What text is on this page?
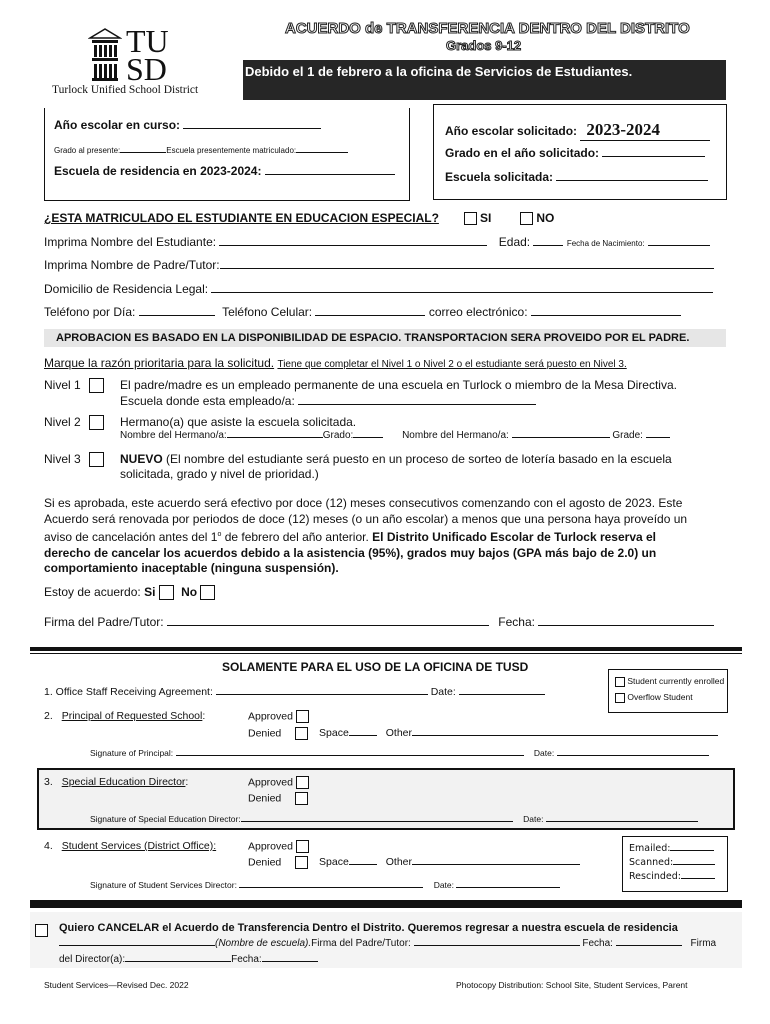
TU
SD
Turlock Unified School District
ACUERDO de TRANSFERENCIA DENTRO DEL DISTRITO
Grados 9-12
Debido el 1 de febrero a la oficina de Servicios de Estudiantes.
Año escolar en curso:
Grado al presente:	Escuela presentemente matriculado:
Escuela de residencia en 2023-2024:
Año escolar solicitado: 2023-2024
Grado en el año solicitado:
Escuela solicitada:
¿ESTA MATRICULADO EL ESTUDIANTE EN EDUCACION ESPECIAL?	SI	NO
Imprima Nombre del Estudiante:	Edad:	Fecha de Nacimiento:
Imprima Nombre de Padre/Tutor:
Domicilio de Residencia Legal:
Teléfono por Día:	Teléfono Celular:	correo electrónico:
APROBACION ES BASADO EN LA DISPONIBILIDAD DE ESPACIO. TRANSPORTACION SERA PROVEIDO POR EL PADRE.
Marque la razón prioritaria para la solicitud. Tiene que completar el Nivel 1 o Nivel 2 o el estudiante será puesto en Nivel 3.
Nivel 1	El padre/madre es un empleado permanente de una escuela en Turlock o miembro de la Mesa Directiva.
Escuela donde esta empleado/a:
Nivel 2	Hermano(a) que asiste la escuela solicitada.
Nombre del Hermano/a:	Grado:	Nombre del Hermano/a:	Grade:
Nivel 3	NUEVO (El nombre del estudiante será puesto en un proceso de sorteo de lotería basado en la escuela
solicitada, grado y nivel de prioridad.)
Si es aprobada, este acuerdo será efectivo por doce (12) meses consecutivos comenzando con el agosto de 2023. Este
Acuerdo será renovada por periodos de doce (12) meses (o un año escolar) a menos que una persona haya proveído un
aviso de cancelación antes del 1$^o$ de febrero del año anterior. El Distrito Unificado Escolar de Turlock reserva el
derecho de cancelar los acuerdos debido a la asistencia (95%), grados muy bajos (GPA más bajo de 2.0) un
comportamiento inaceptable (ninguna suspensión).
Estoy de acuerdo: Si No
Firma del Padre/Tutor:	Fecha:
SOLAMENTE PARA EL USO DE LA OFICINA DE TUSD
Student currently enrolled
Overflow Student
1. Office Staff Receiving Agreement:	Date:
2. Principal of Requested School:	Approved
Denied	Space	Other
Signature of Principal:	Date:
3. Special Education Director:	Approved
Denied
Signature of Special Education Director:	Date:
4. Student Services (District Office):	Approved
Denied	Space	Other
Signature of Student Services Director:	Date:
Emailed:
Scanned:
Rescinded:
Quiero CANCELAR el Acuerdo de Transferencia Dentro el Distrito. Queremos regresar a nuestra escuela de residencia
(Nombre de escuela).Firma del Padre/Tutor:	Fecha:	Firma
del Director(a):	Fecha:
Student Services—Revised Dec. 2022	Photocopy Distribution: School Site, Student Services, Parent
